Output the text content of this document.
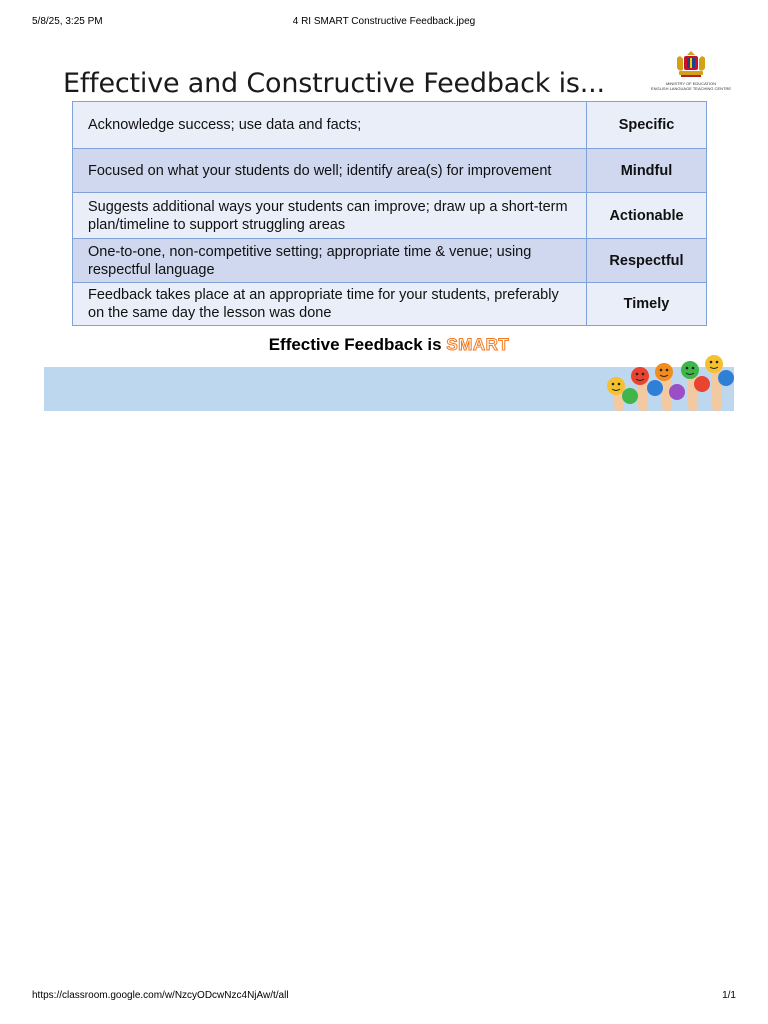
5/8/25, 3:25 PM	4 RI SMART Constructive Feedback.jpeg
Effective and Constructive Feedback is...	MINISTRY OF EDUCATION
ENGLISH LANGUAGE TEACHING CENTRE
Acknowledge success; use data and facts;	Specific
Focused on what your students do well; identify area(s) for improvement	Mindful
Suggests additional ways your students can improve; draw up a short-term plan/timeline to support struggling areas	Actionable
One-to-one, non-competitive setting; appropriate time & venue; using respectful language	Respectful
Feedback takes place at an appropriate time for your students, preferably on the same day the lesson was done	Timely
Effective Feedback is SMART
https://classroom.google.com/w/NzcyODcwNzc4NjAw/t/all	1/1
